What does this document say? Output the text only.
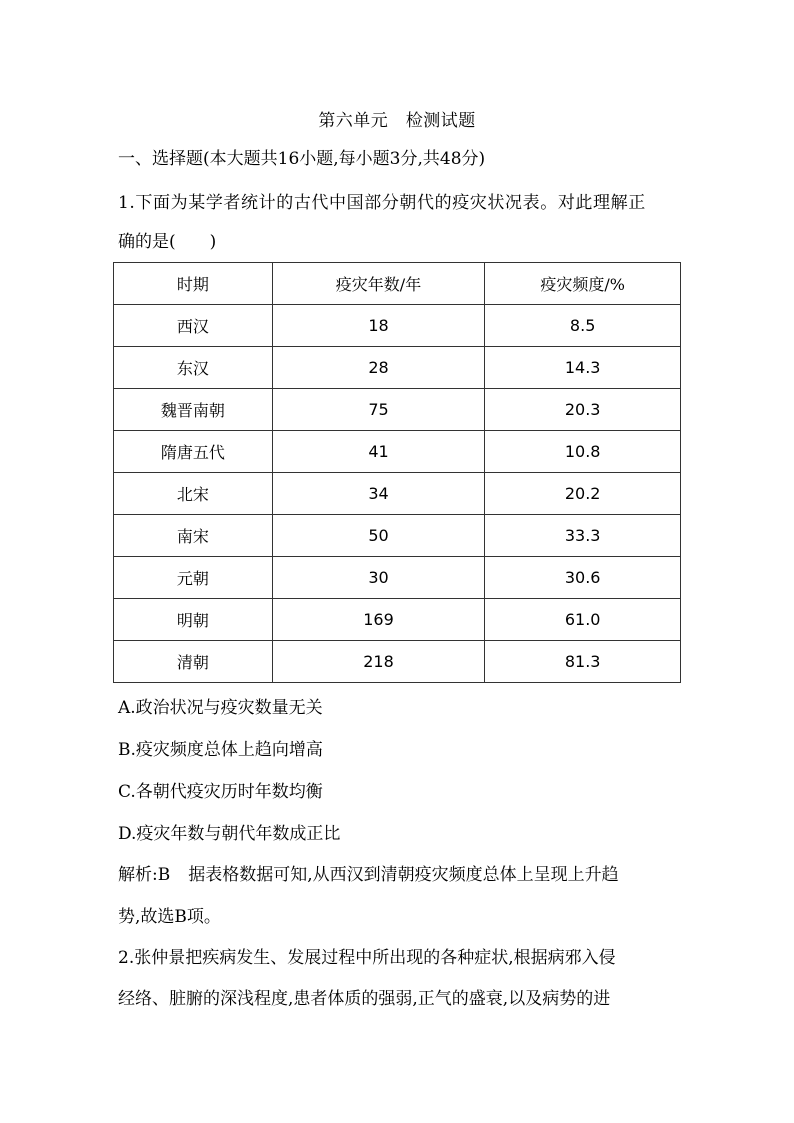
第六单元　检测试题
一、选择题(本大题共16小题,每小题3分,共48分)
1.下面为某学者统计的古代中国部分朝代的疫灾状况表。对此理解正
确的是(　　)
时期	疫灾年数/年	疫灾频度/%
西汉	18	8.5
东汉	28	14.3
魏晋南朝	75	20.3
隋唐五代	41	10.8
北宋	34	20.2
南宋	50	33.3
元朝	30	30.6
明朝	169	61.0
清朝	218	81.3
A.政治状况与疫灾数量无关
B.疫灾频度总体上趋向增高
C.各朝代疫灾历时年数均衡
D.疫灾年数与朝代年数成正比
解析:B 据表格数据可知,从西汉到清朝疫灾频度总体上呈现上升趋
势,故选B项。
2.张仲景把疾病发生、发展过程中所出现的各种症状,根据病邪入侵
经络、脏腑的深浅程度,患者体质的强弱,正气的盛衰,以及病势的进
